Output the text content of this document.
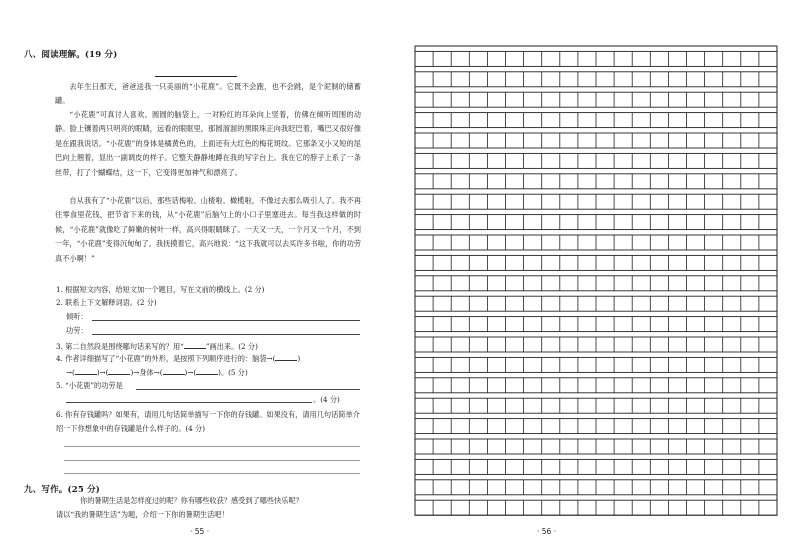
八、阅读理解。(19 分)

去年生日那天，爸爸送我一只美丽的“小花鹿”。它既不会跑，也不会跳，是个泥制的储蓄罐。

“小花鹿”可真讨人喜欢。圆圆的脑袋上，一对粉红的耳朵向上竖着，仿佛在倾听周围的动静。脸上镶着两只明亮的眼睛，远看的眼眶里，那圆溜溜的黑眼珠正向我眨巴着，嘴巴又很好像是在跟我说话。“小花鹿”的身体是橘黄色的，上面还有大红色的梅花斑纹。它那条又小又短的尾巴向上翘着，显出一副调皮的样子。它整天静静地蹲在我的写字台上。我在它的脖子上系了一条丝带，打了个蝴蝶结，这一下，它变得更加神气和漂亮了。

自从我有了“小花鹿”以后，那些话梅啦、山楂啦、橄榄啦，不像过去那么吸引人了。我不再往零食里花钱，把节省下来的钱，从“小花鹿”后脑勺上的小口子里塞进去。每当我这样做的时候，“小花鹿”就像吃了鲜嫩的树叶一样，高兴得眼睛眯了。一天又一天，一个月又一个月，不到一年，“小花鹿”变得沉甸甸了。我抚摸着它，高兴地说：“这下我就可以去买许多书啦，你的功劳真不小啊！”

1. 根据短文内容，给短文加一个题目，写在文前的横线上。(2 分)
2. 联系上下文解释词语。(2 分)
倾听：
功劳：
3. 第二自然段是围绕哪句话来写的？用“	”画出来。(2 分)
4. 作者详细描写了“小花鹿”的外形，是按照下列顺序进行的：脑袋→(	)
→(	)→(	)→身体→(	)→(	)。(5 分)
5. “小花鹿”的功劳是
。(4 分)
6. 你有存钱罐吗？如果有，请用几句话简单描写一下你的存钱罐。如果没有，请用几句话简单介绍一下你想象中的存钱罐是什么样子的。(4 分)
九、写作。(25 分)
你的暑期生活是怎样度过的呢？你有哪些收获？感受到了哪些快乐呢？
请以“我的暑期生活”为题，介绍一下你的暑期生活吧！
· 55 ·	· 56 ·
